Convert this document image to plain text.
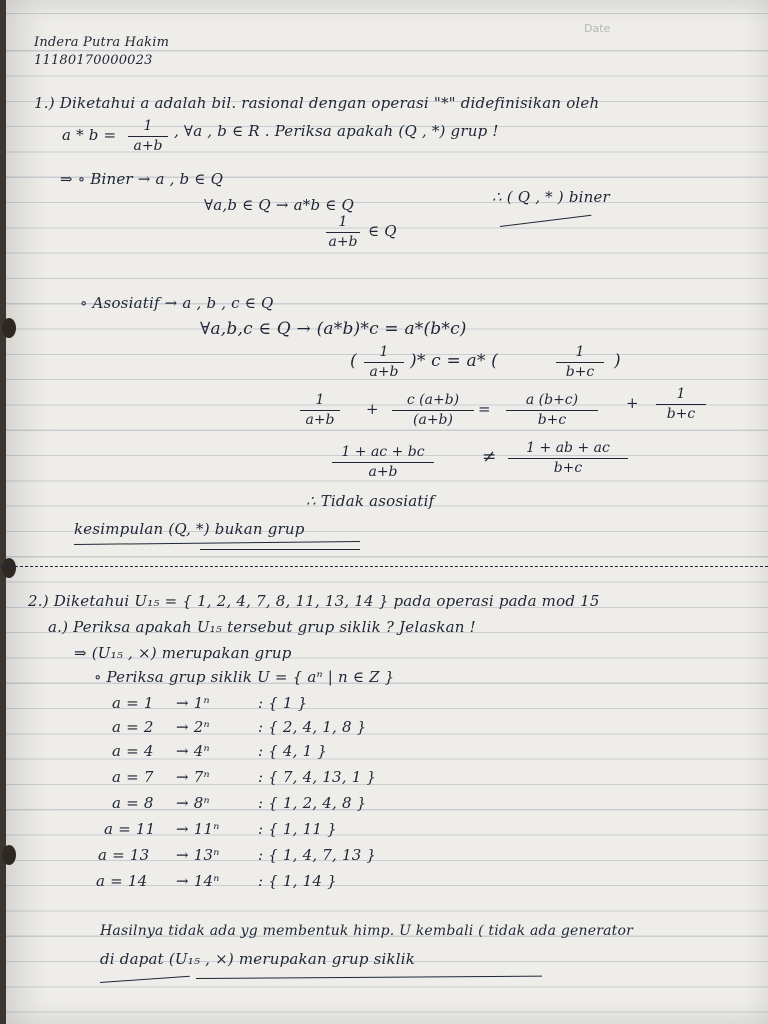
Date
Indera Putra Hakim
11180170000023
1.) Diketahui a adalah bil. rasional dengan operasi "*" didefinisikan oleh
a * b =	1
a+b
, ∀a , b ∈ R . Periksa apakah (Q , *) grup !
⇒ ∘ Biner → a , b ∈ Q
∀a,b ∈ Q → a*b ∈ Q
1
a+b
∈ Q
∴ ( Q , * ) biner
∘ Asosiatif → a , b , c ∈ Q
∀a,b,c ∈ Q → (a*b)*c = a*(b*c)
(	1
a+b
)* c = a* (	1
b+c
)
1
a+b
+	c (a+b)
(a+b)
=	a (b+c)
b+c
+	1
b+c
1 + ac + bc
a+b
≠	1 + ab + ac
b+c
∴ Tidak asosiatif
kesimpulan (Q, *) bukan grup
2.) Diketahui U₁₅ = { 1, 2, 4, 7, 8, 11, 13, 14 } pada operasi pada mod 15
a.) Periksa apakah U₁₅ tersebut grup siklik ? Jelaskan !
⇒ (U₁₅ , ×) merupakan grup
∘ Periksa grup siklik U = { aⁿ | n ∈ Z }
a = 1 → 1ⁿ	: { 1 }
a = 2 → 2ⁿ	: { 2, 4, 1, 8 }
a = 4 → 4ⁿ	: { 4, 1 }
a = 7 → 7ⁿ	: { 7, 4, 13, 1 }
a = 8 → 8ⁿ	: { 1, 2, 4, 8 }
a = 11 → 11ⁿ	: { 1, 11 }
a = 13 → 13ⁿ	: { 1, 4, 7, 13 }
a = 14 → 14ⁿ	: { 1, 14 }
Hasilnya tidak ada yg membentuk himp. U kembali ( tidak ada generator
di dapat (U₁₅ , ×) merupakan grup siklik
